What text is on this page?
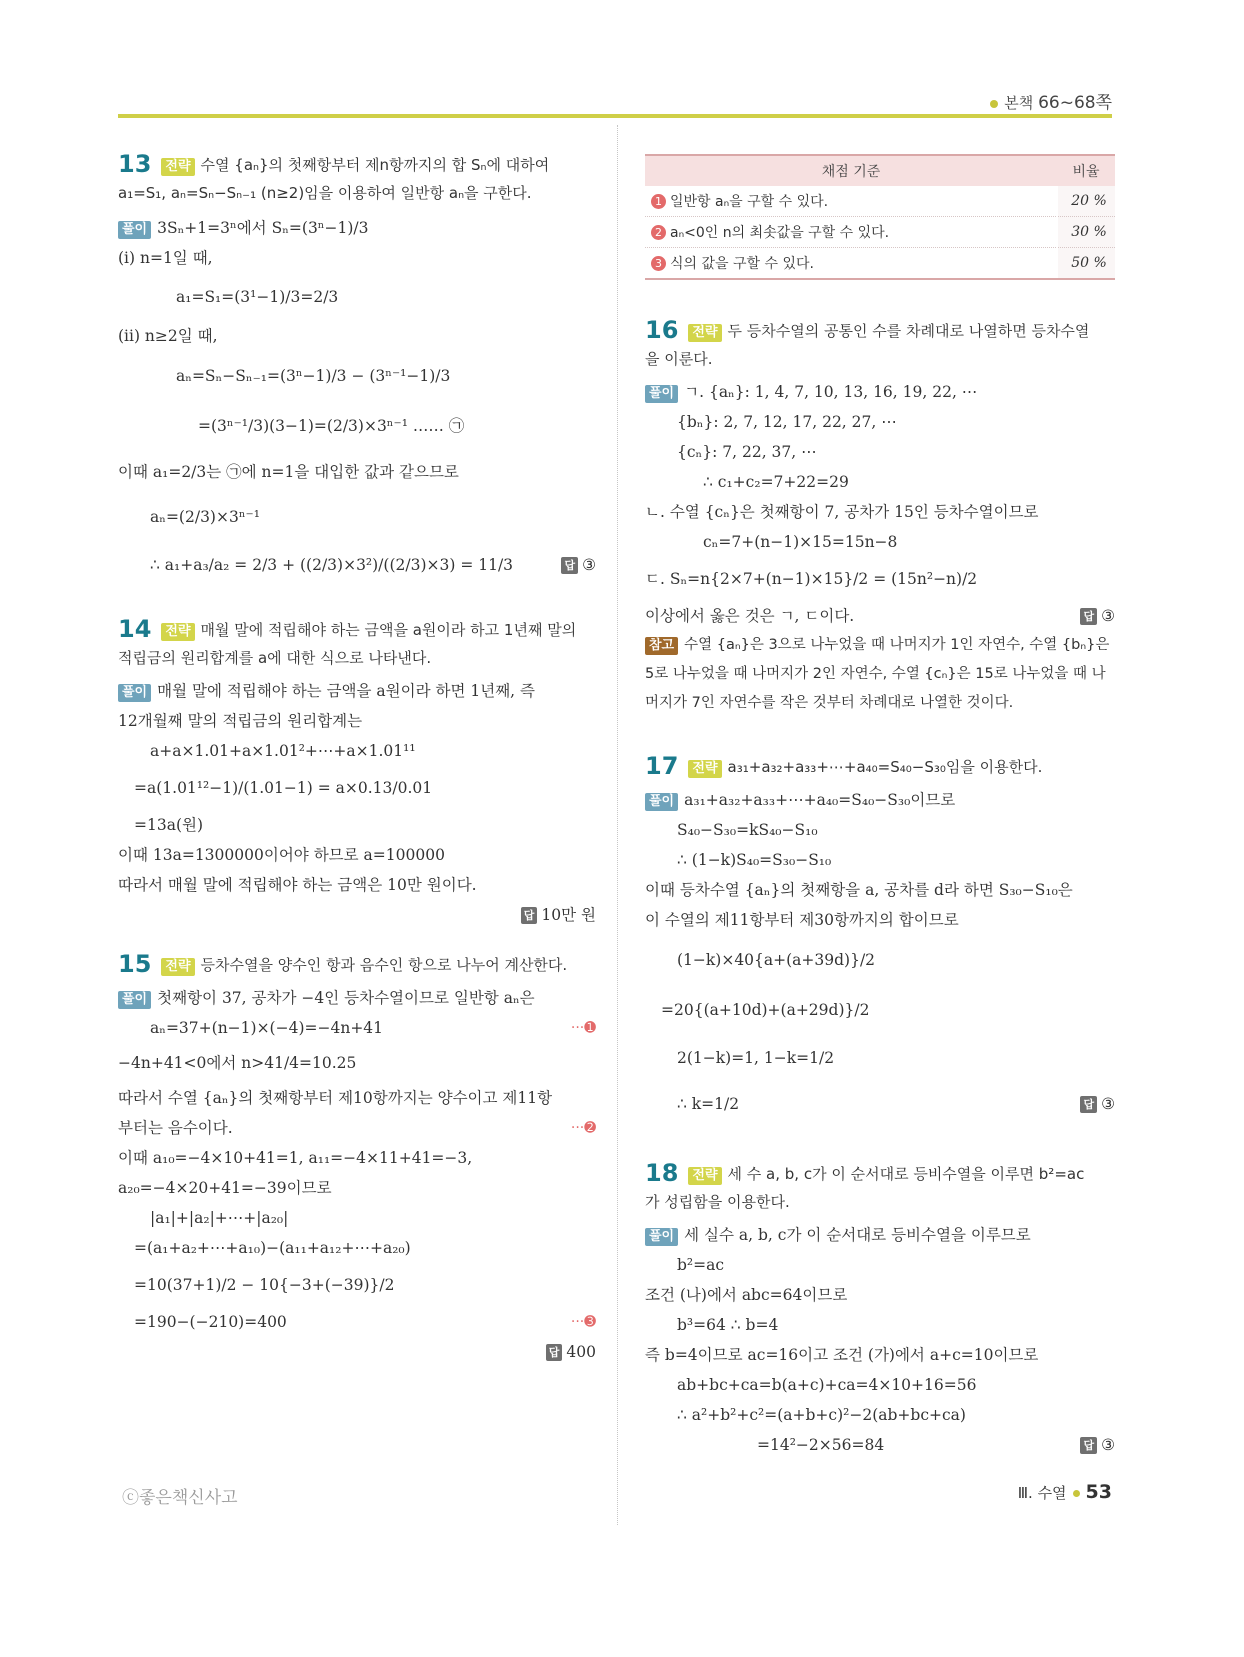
본책 66~68쪽
13 전략 수열 {aₙ}의 첫째항부터 제n항까지의 합 Sₙ에 대하여
a₁=S₁, aₙ=Sₙ−Sₙ₋₁ (n≥2)임을 이용하여 일반항 aₙ을 구한다.
풀이 3Sₙ+1=3ⁿ에서 Sₙ=(3ⁿ−1)/3
(i) n=1일 때,
a₁=S₁=(3¹−1)/3=2/3
(ii) n≥2일 때,
aₙ=Sₙ−Sₙ₋₁=(3ⁿ−1)/3 − (3ⁿ⁻¹−1)/3
=(3ⁿ⁻¹/3)(3−1)=(2/3)×3ⁿ⁻¹ …… ㉠
이때 a₁=2/3는 ㉠에 n=1을 대입한 값과 같으므로
aₙ=(2/3)×3ⁿ⁻¹
∴ a₁+a₃/a₂ = 2/3 + ((2/3)×3²)/((2/3)×3) = 11/3	답 ③
14 전략 매월 말에 적립해야 하는 금액을 a원이라 하고 1년째 말의
적립금의 원리합계를 a에 대한 식으로 나타낸다.
풀이 매월 말에 적립해야 하는 금액을 a원이라 하면 1년째, 즉
12개월째 말의 적립금의 원리합계는
a+a×1.01+a×1.01²+⋯+a×1.01¹¹
=a(1.01¹²−1)/(1.01−1) = a×0.13/0.01
=13a(원)
이때 13a=1300000이어야 하므로 a=100000
따라서 매월 말에 적립해야 하는 금액은 10만 원이다.
답 10만 원
15 전략 등차수열을 양수인 항과 음수인 항으로 나누어 계산한다.
풀이 첫째항이 37, 공차가 −4인 등차수열이므로 일반항 aₙ은
aₙ=37+(n−1)×(−4)=−4n+41	···➊
−4n+41<0에서 n>41/4=10.25
따라서 수열 {aₙ}의 첫째항부터 제10항까지는 양수이고 제11항
부터는 음수이다.	···➋
이때 a₁₀=−4×10+41=1, a₁₁=−4×11+41=−3,
a₂₀=−4×20+41=−39이므로
|a₁|+|a₂|+⋯+|a₂₀|
=(a₁+a₂+⋯+a₁₀)−(a₁₁+a₁₂+⋯+a₂₀)
=10(37+1)/2 − 10{−3+(−39)}/2
=190−(−210)=400	···➌
답 400
채점 기준	비율
1 일반항 aₙ을 구할 수 있다.	20 %
2 aₙ<0인 n의 최솟값을 구할 수 있다.	30 %
3 식의 값을 구할 수 있다.	50 %
16 전략 두 등차수열의 공통인 수를 차례대로 나열하면 등차수열
을 이룬다.
풀이 ㄱ. {aₙ}: 1, 4, 7, 10, 13, 16, 19, 22, ⋯
{bₙ}: 2, 7, 12, 17, 22, 27, ⋯
{cₙ}: 7, 22, 37, ⋯
∴ c₁+c₂=7+22=29
ㄴ. 수열 {cₙ}은 첫째항이 7, 공차가 15인 등차수열이므로
cₙ=7+(n−1)×15=15n−8
ㄷ. Sₙ=n{2×7+(n−1)×15}/2 = (15n²−n)/2
이상에서 옳은 것은 ㄱ, ㄷ이다.	답 ③
참고 수열 {aₙ}은 3으로 나누었을 때 나머지가 1인 자연수, 수열 {bₙ}은 5로 나누었을 때 나머지가 2인 자연수, 수열 {cₙ}은 15로 나누었을 때 나머지가 7인 자연수를 작은 것부터 차례대로 나열한 것이다.
17 전략 a₃₁+a₃₂+a₃₃+⋯+a₄₀=S₄₀−S₃₀임을 이용한다.
풀이 a₃₁+a₃₂+a₃₃+⋯+a₄₀=S₄₀−S₃₀이므로
S₄₀−S₃₀=kS₄₀−S₁₀
∴ (1−k)S₄₀=S₃₀−S₁₀
이때 등차수열 {aₙ}의 첫째항을 a, 공차를 d라 하면 S₃₀−S₁₀은
이 수열의 제11항부터 제30항까지의 합이므로
(1−k)×40{a+(a+39d)}/2
=20{(a+10d)+(a+29d)}/2
2(1−k)=1, 1−k=1/2
∴ k=1/2	답 ③
18 전략 세 수 a, b, c가 이 순서대로 등비수열을 이루면 b²=ac
가 성립함을 이용한다.
풀이 세 실수 a, b, c가 이 순서대로 등비수열을 이루므로
b²=ac
조건 (나)에서 abc=64이므로
b³=64 ∴ b=4
즉 b=4이므로 ac=16이고 조건 (가)에서 a+c=10이므로
ab+bc+ca=b(a+c)+ca=4×10+16=56
∴ a²+b²+c²=(a+b+c)²−2(ab+bc+ca)
=14²−2×56=84	답 ③
ⓒ좋은책신사고	Ⅲ. 수열 53
